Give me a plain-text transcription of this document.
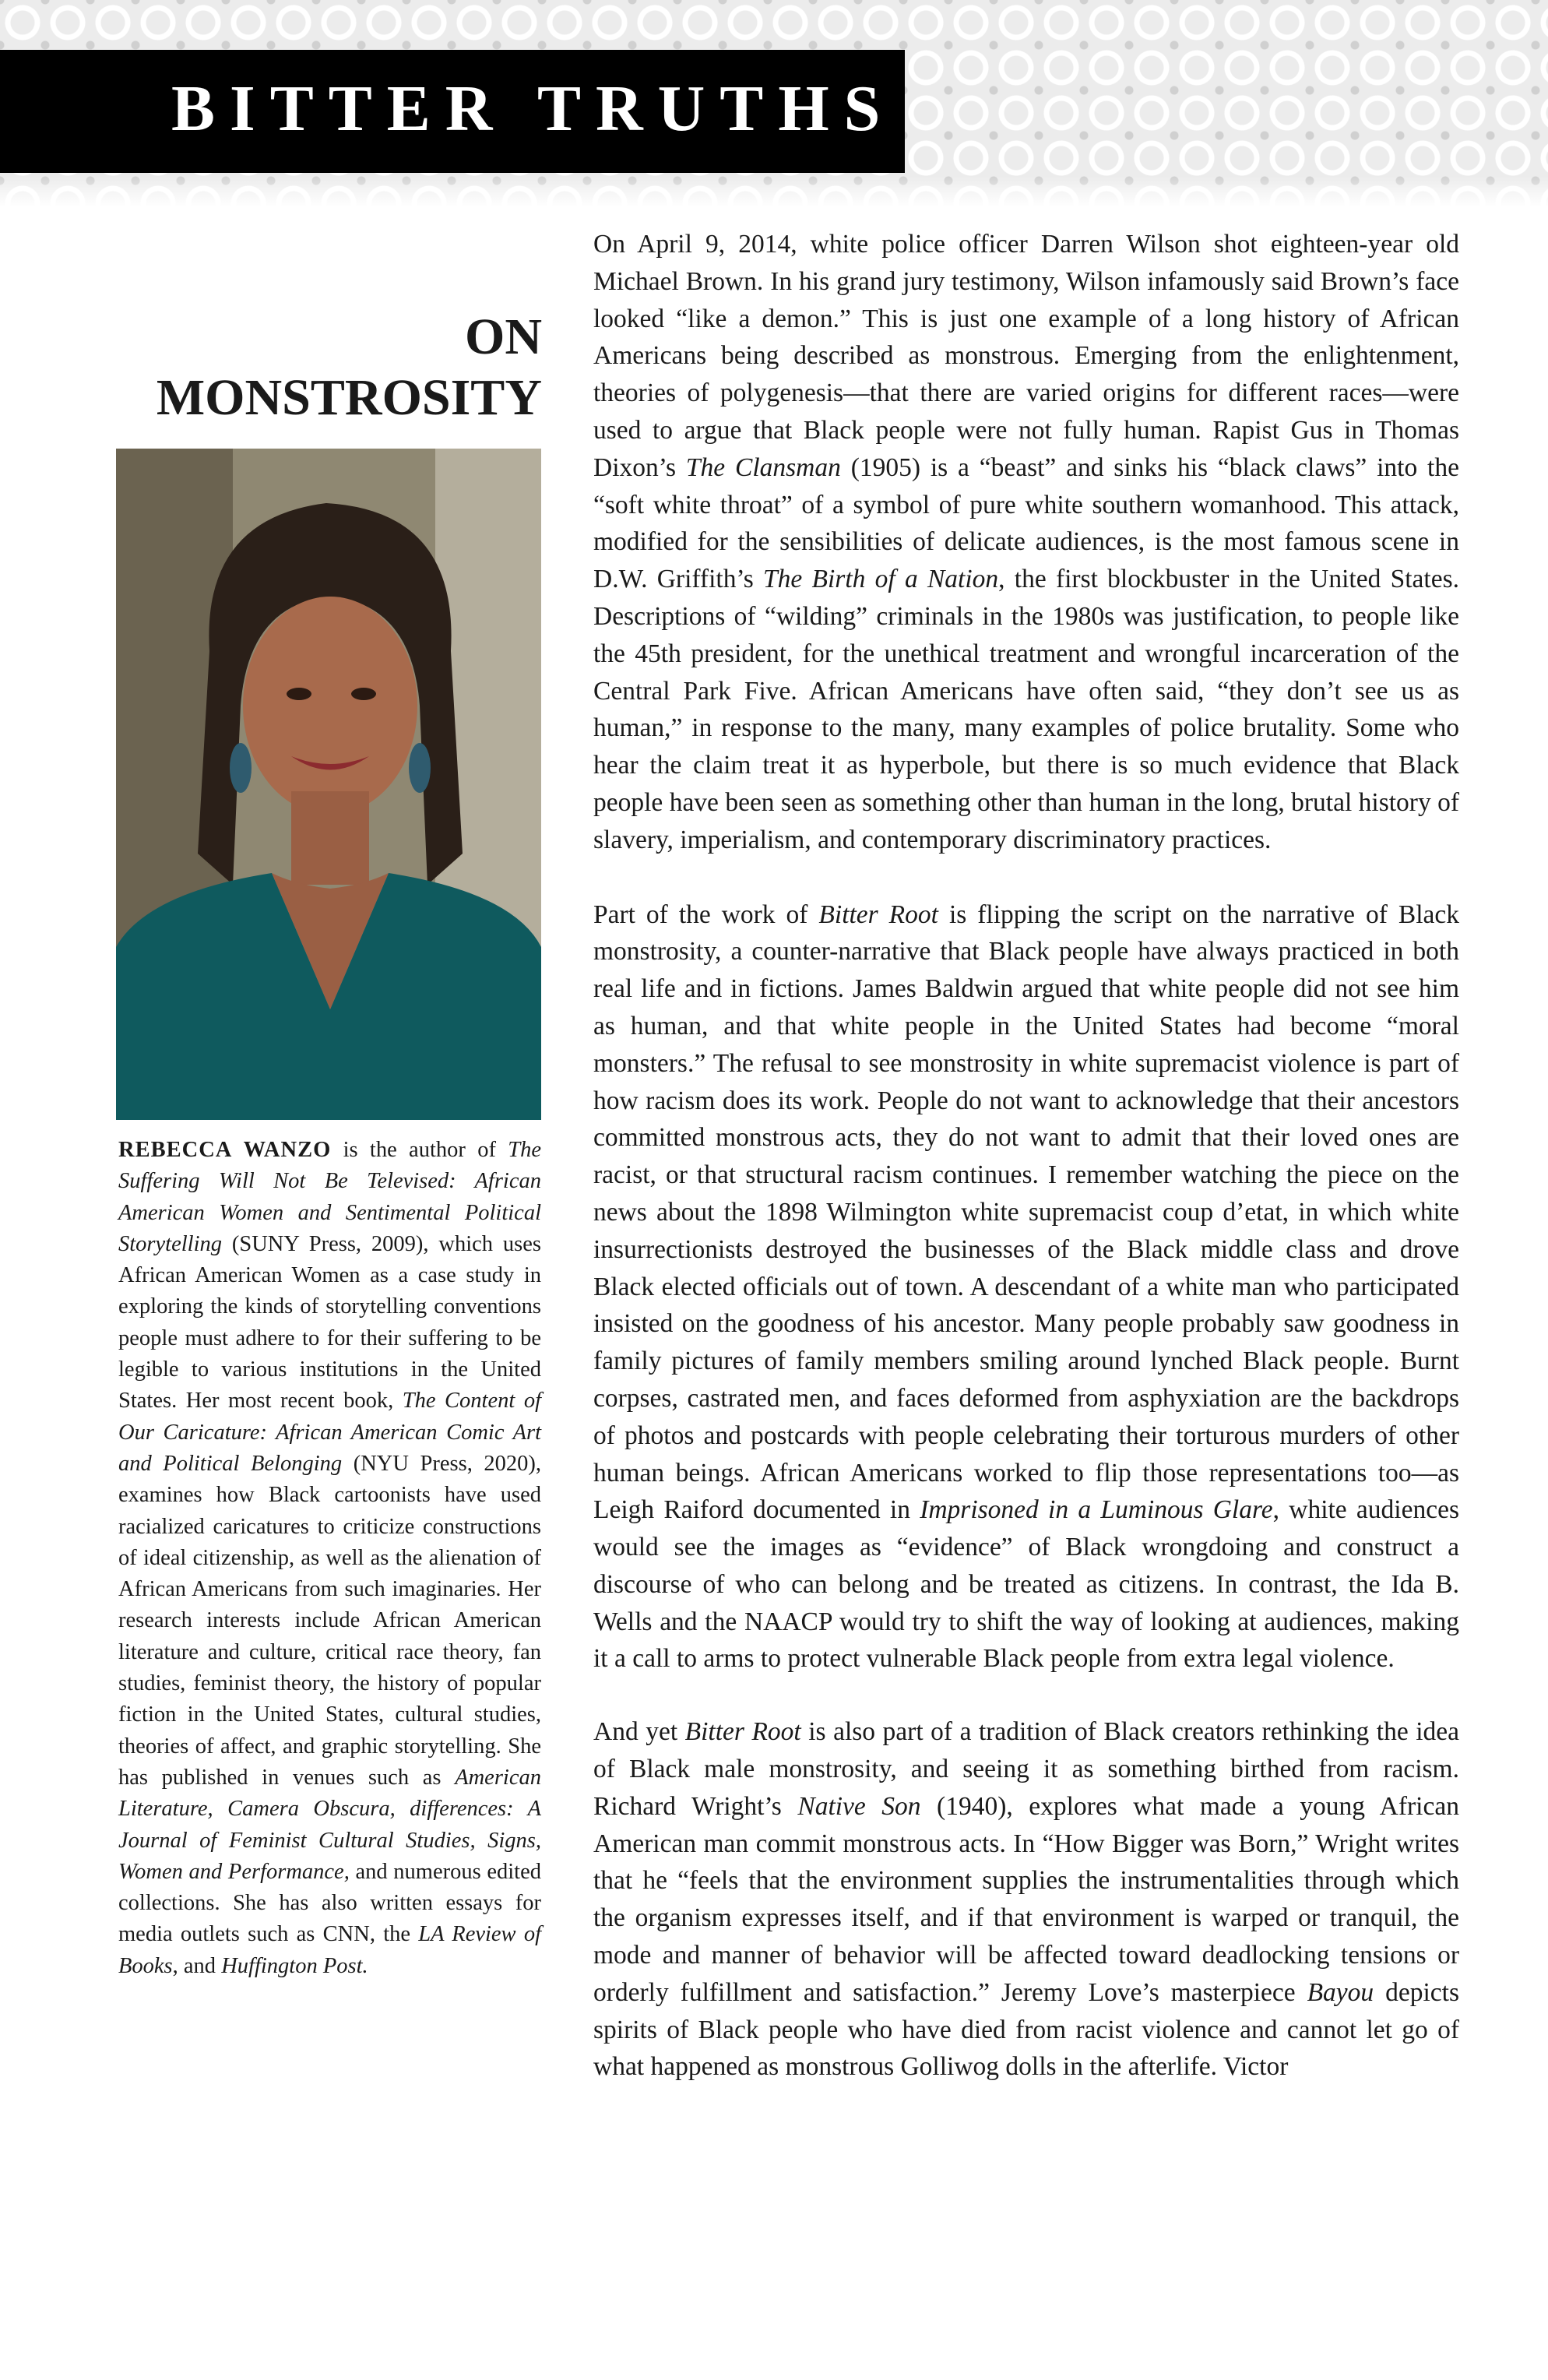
BITTER TRUTHS
ON
MONSTROSITY

REBECCA WANZO is the author of The Suffering Will Not Be Televised: African American Women and Sentimental Political Storytelling (SUNY Press, 2009), which uses African American Women as a case study in exploring the kinds of storytelling conventions people must adhere to for their suffering to be legible to various institutions in the United States. Her most recent book, The Content of Our Caricature: African American Comic Art and Political Belonging (NYU Press, 2020), examines how Black cartoonists have used racialized caricatures to criticize constructions of ideal citizenship, as well as the alienation of African Americans from such imaginaries. Her research interests include African American literature and culture, critical race theory, fan studies, feminist theory, the history of popular fiction in the United States, cultural studies, theories of affect, and graphic storytelling. She has published in venues such as American Literature, Camera Obscura, differences: A Journal of Feminist Cultural Studies, Signs, Women and Performance, and numerous edited collections. She has also written essays for media outlets such as CNN, the LA Review of Books, and Huffington Post.

On April 9, 2014, white police officer Darren Wilson shot eighteen-year old Michael Brown. In his grand jury testimony, Wilson infamously said Brown’s face looked “like a demon.” This is just one example of a long history of African Americans being described as monstrous. Emerging from the enlightenment, theories of polygenesis—that there are varied origins for different races—were used to argue that Black people were not fully human. Rapist Gus in Thomas Dixon’s The Clansman (1905) is a “beast” and sinks his “black claws” into the “soft white throat” of a symbol of pure white southern womanhood. This attack, modified for the sensibilities of delicate audiences, is the most famous scene in D.W. Griffith’s The Birth of a Nation, the first blockbuster in the United States. Descriptions of “wilding” criminals in the 1980s was justification, to people like the 45th president, for the unethical treatment and wrongful incarceration of the Central Park Five. African Americans have often said, “they don’t see us as human,” in response to the many, many examples of police brutality. Some who hear the claim treat it as hyperbole, but there is so much evidence that Black people have been seen as something other than human in the long, brutal history of slavery, imperialism, and contemporary discriminatory practices.

Part of the work of Bitter Root is flipping the script on the narrative of Black monstrosity, a counter-narrative that Black people have always practiced in both real life and in fictions. James Baldwin argued that white people did not see him as human, and that white people in the United States had become “moral monsters.” The refusal to see monstrosity in white supremacist violence is part of how racism does its work. People do not want to acknowledge that their ancestors committed monstrous acts, they do not want to admit that their loved ones are racist, or that structural racism continues. I remember watching the piece on the news about the 1898 Wilmington white supremacist coup d’etat, in which white insurrectionists destroyed the businesses of the Black middle class and drove Black elected officials out of town. A descendant of a white man who participated insisted on the goodness of his ancestor. Many people probably saw goodness in family pictures of family members smiling around lynched Black people. Burnt corpses, castrated men, and faces deformed from asphyxiation are the backdrops of photos and postcards with people celebrating their torturous murders of other human beings. African Americans worked to flip those representations too—as Leigh Raiford documented in Imprisoned in a Luminous Glare, white audiences would see the images as “evidence” of Black wrongdoing and construct a discourse of who can belong and be treated as citizens. In contrast, the Ida B. Wells and the NAACP would try to shift the way of looking at audiences, making it a call to arms to protect vulnerable Black people from extra legal violence.

And yet Bitter Root is also part of a tradition of Black creators rethinking the idea of Black male monstrosity, and seeing it as something birthed from racism. Richard Wright’s Native Son (1940), explores what made a young African American man commit monstrous acts. In “How Bigger was Born,” Wright writes that he “feels that the environment supplies the instrumentalities through which the organism expresses itself, and if that environment is warped or tranquil, the mode and manner of behavior will be affected toward deadlocking tensions or orderly fulfillment and satisfaction.” Jeremy Love’s masterpiece Bayou depicts spirits of Black people who have died from racist violence and cannot let go of what happened as monstrous Golliwog dolls in the afterlife. Victor
